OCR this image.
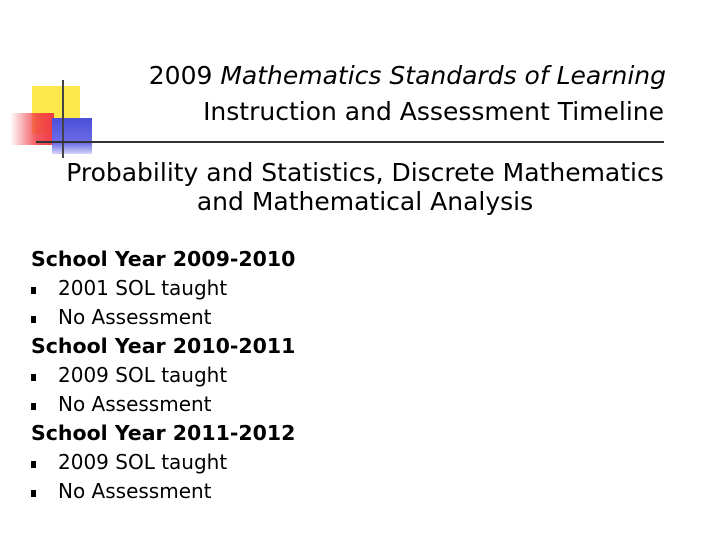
2009 Mathematics Standards of Learning
Instruction and Assessment Timeline
Probability and Statistics, Discrete Mathematics
and Mathematical Analysis
School Year 2009-2010
2001 SOL taught
No Assessment
School Year 2010-2011
2009 SOL taught
No Assessment
School Year 2011-2012
2009 SOL taught
No Assessment
